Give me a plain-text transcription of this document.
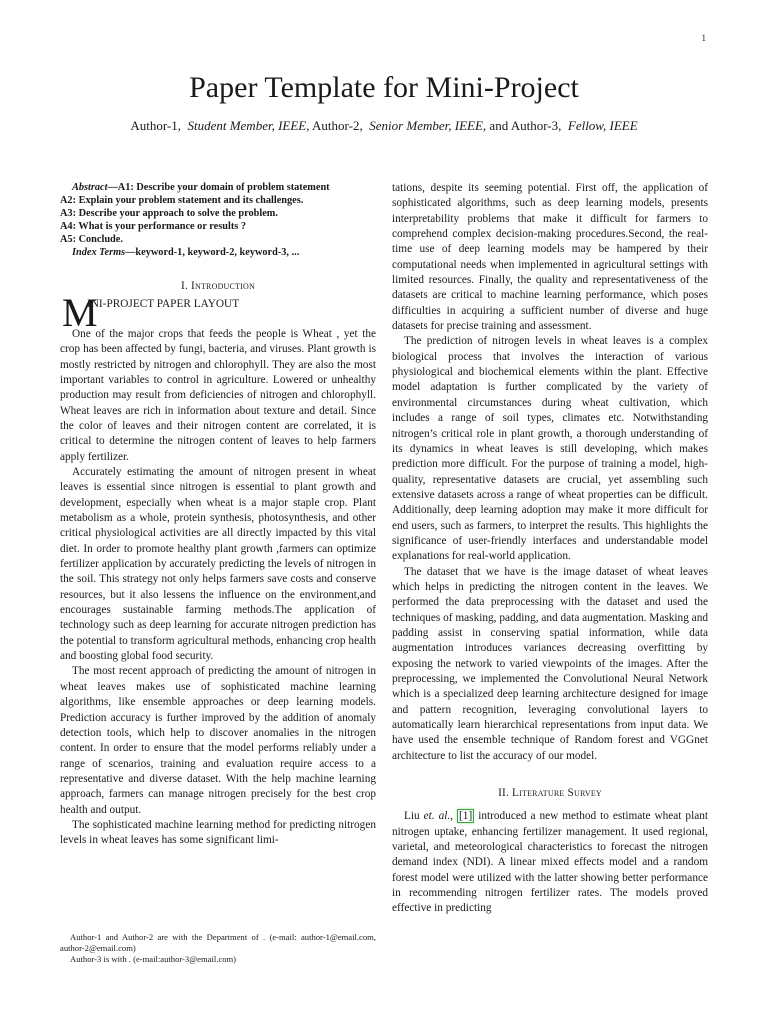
1
Paper Template for Mini-Project
Author-1, Student Member, IEEE, Author-2, Senior Member, IEEE, and Author-3, Fellow, IEEE

Abstract—A1: Describe your domain of problem statement
A2: Explain your problem statement and its challenges.
A3: Describe your approach to solve the problem.
A4: What is your performance or results ?
A5: Conclude.

Index Terms—keyword-1, keyword-2, keyword-3, ...

I. Introduction
M
INI-PROJECT PAPER LAYOUT

One of the major crops that feeds the people is Wheat , yet the crop has been affected by fungi, bacteria, and viruses. Plant growth is mostly restricted by nitrogen and chlorophyll. They are also the most important variables to control in agriculture. Lowered or unhealthy production may result from deficiencies of nitrogen and chlorophyll. Wheat leaves are rich in information about texture and detail. Since the color of leaves and their nitrogen content are correlated, it is critical to determine the nitrogen content of leaves to help farmers apply fertilizer.

Accurately estimating the amount of nitrogen present in wheat leaves is essential since nitrogen is essential to plant growth and development, especially when wheat is a major staple crop. Plant metabolism as a whole, protein synthesis, photosynthesis, and other critical physiological activities are all directly impacted by this vital diet. In order to promote healthy plant growth ,farmers can optimize fertilizer application by accurately predicting the levels of nitrogen in the soil. This strategy not only helps farmers save costs and conserve resources, but it also lessens the influence on the environment,and encourages sustainable farming methods.The application of technology such as deep learning for accurate nitrogen prediction has the potential to transform agricultural methods, enhancing crop health and boosting global food security.

The most recent approach of predicting the amount of nitrogen in wheat leaves makes use of sophisticated machine learning algorithms, like ensemble approaches or deep learning models. Prediction accuracy is further improved by the addition of anomaly detection tools, which help to discover anomalies in the nitrogen content. In order to ensure that the model performs reliably under a range of scenarios, training and evaluation require access to a representative and diverse dataset. With the help machine learning approach, farmers can manage nitrogen precisely for the best crop health and output.

The sophisticated machine learning method for predicting nitrogen levels in wheat leaves has some significant limi-

tations, despite its seeming potential. First off, the application of sophisticated algorithms, such as deep learning models, presents interpretability problems that make it difficult for farmers to comprehend complex decision-making procedures.Second, the real-time use of deep learning models may be hampered by their computational needs when implemented in agricultural settings with limited resources. Finally, the quality and representativeness of the datasets are critical to machine learning performance, which poses difficulties in acquiring a sufficient number of diverse and huge datasets for precise training and assessment.

The prediction of nitrogen levels in wheat leaves is a complex biological process that involves the interaction of various physiological and biochemical elements within the plant. Effective model adaptation is further complicated by the variety of environmental circumstances during wheat cultivation, which includes a range of soil types, climates etc. Notwithstanding nitrogen’s critical role in plant growth, a thorough understanding of its dynamics in wheat leaves is still developing, which makes prediction more difficult. For the purpose of training a model, high-quality, representative datasets are crucial, yet assembling such extensive datasets across a range of wheat properties can be difficult. Additionally, deep learning adoption may make it more difficult for end users, such as farmers, to interpret the results. This highlights the significance of user-friendly interfaces and understandable model explanations for real-world application.

The dataset that we have is the image dataset of wheat leaves which helps in predicting the nitrogen content in the leaves. We performed the data preprocessing with the dataset and used the techniques of masking, padding, and data augmentation. Masking and padding assist in conserving spatial information, while data augmentation introduces variances decreasing overfitting by exposing the network to varied viewpoints of the images. After the preprocessing, we implemented the Convolutional Neural Network which is a specialized deep learning architecture designed for image and pattern recognition, leveraging convolutional layers to automatically learn hierarchical representations from input data. We have used the ensemble technique of Random forest and VGGnet architecture to list the accuracy of our model.

II. Literature Survey

Liu et. al., [1] introduced a new method to estimate wheat plant nitrogen uptake, enhancing fertilizer management. It used regional, varietal, and meteorological characteristics to forecast the nitrogen demand index (NDI). A linear mixed effects model and a random forest model were utilized with the latter showing better performance in recommending nitrogen fertilizer rates. The models proved effective in predicting

Author-1 and Author-2 are with the Department of . (e-mail: author-1@email.com, author-2@email.com)
Author-3 is with . (e-mail:author-3@email.com)
